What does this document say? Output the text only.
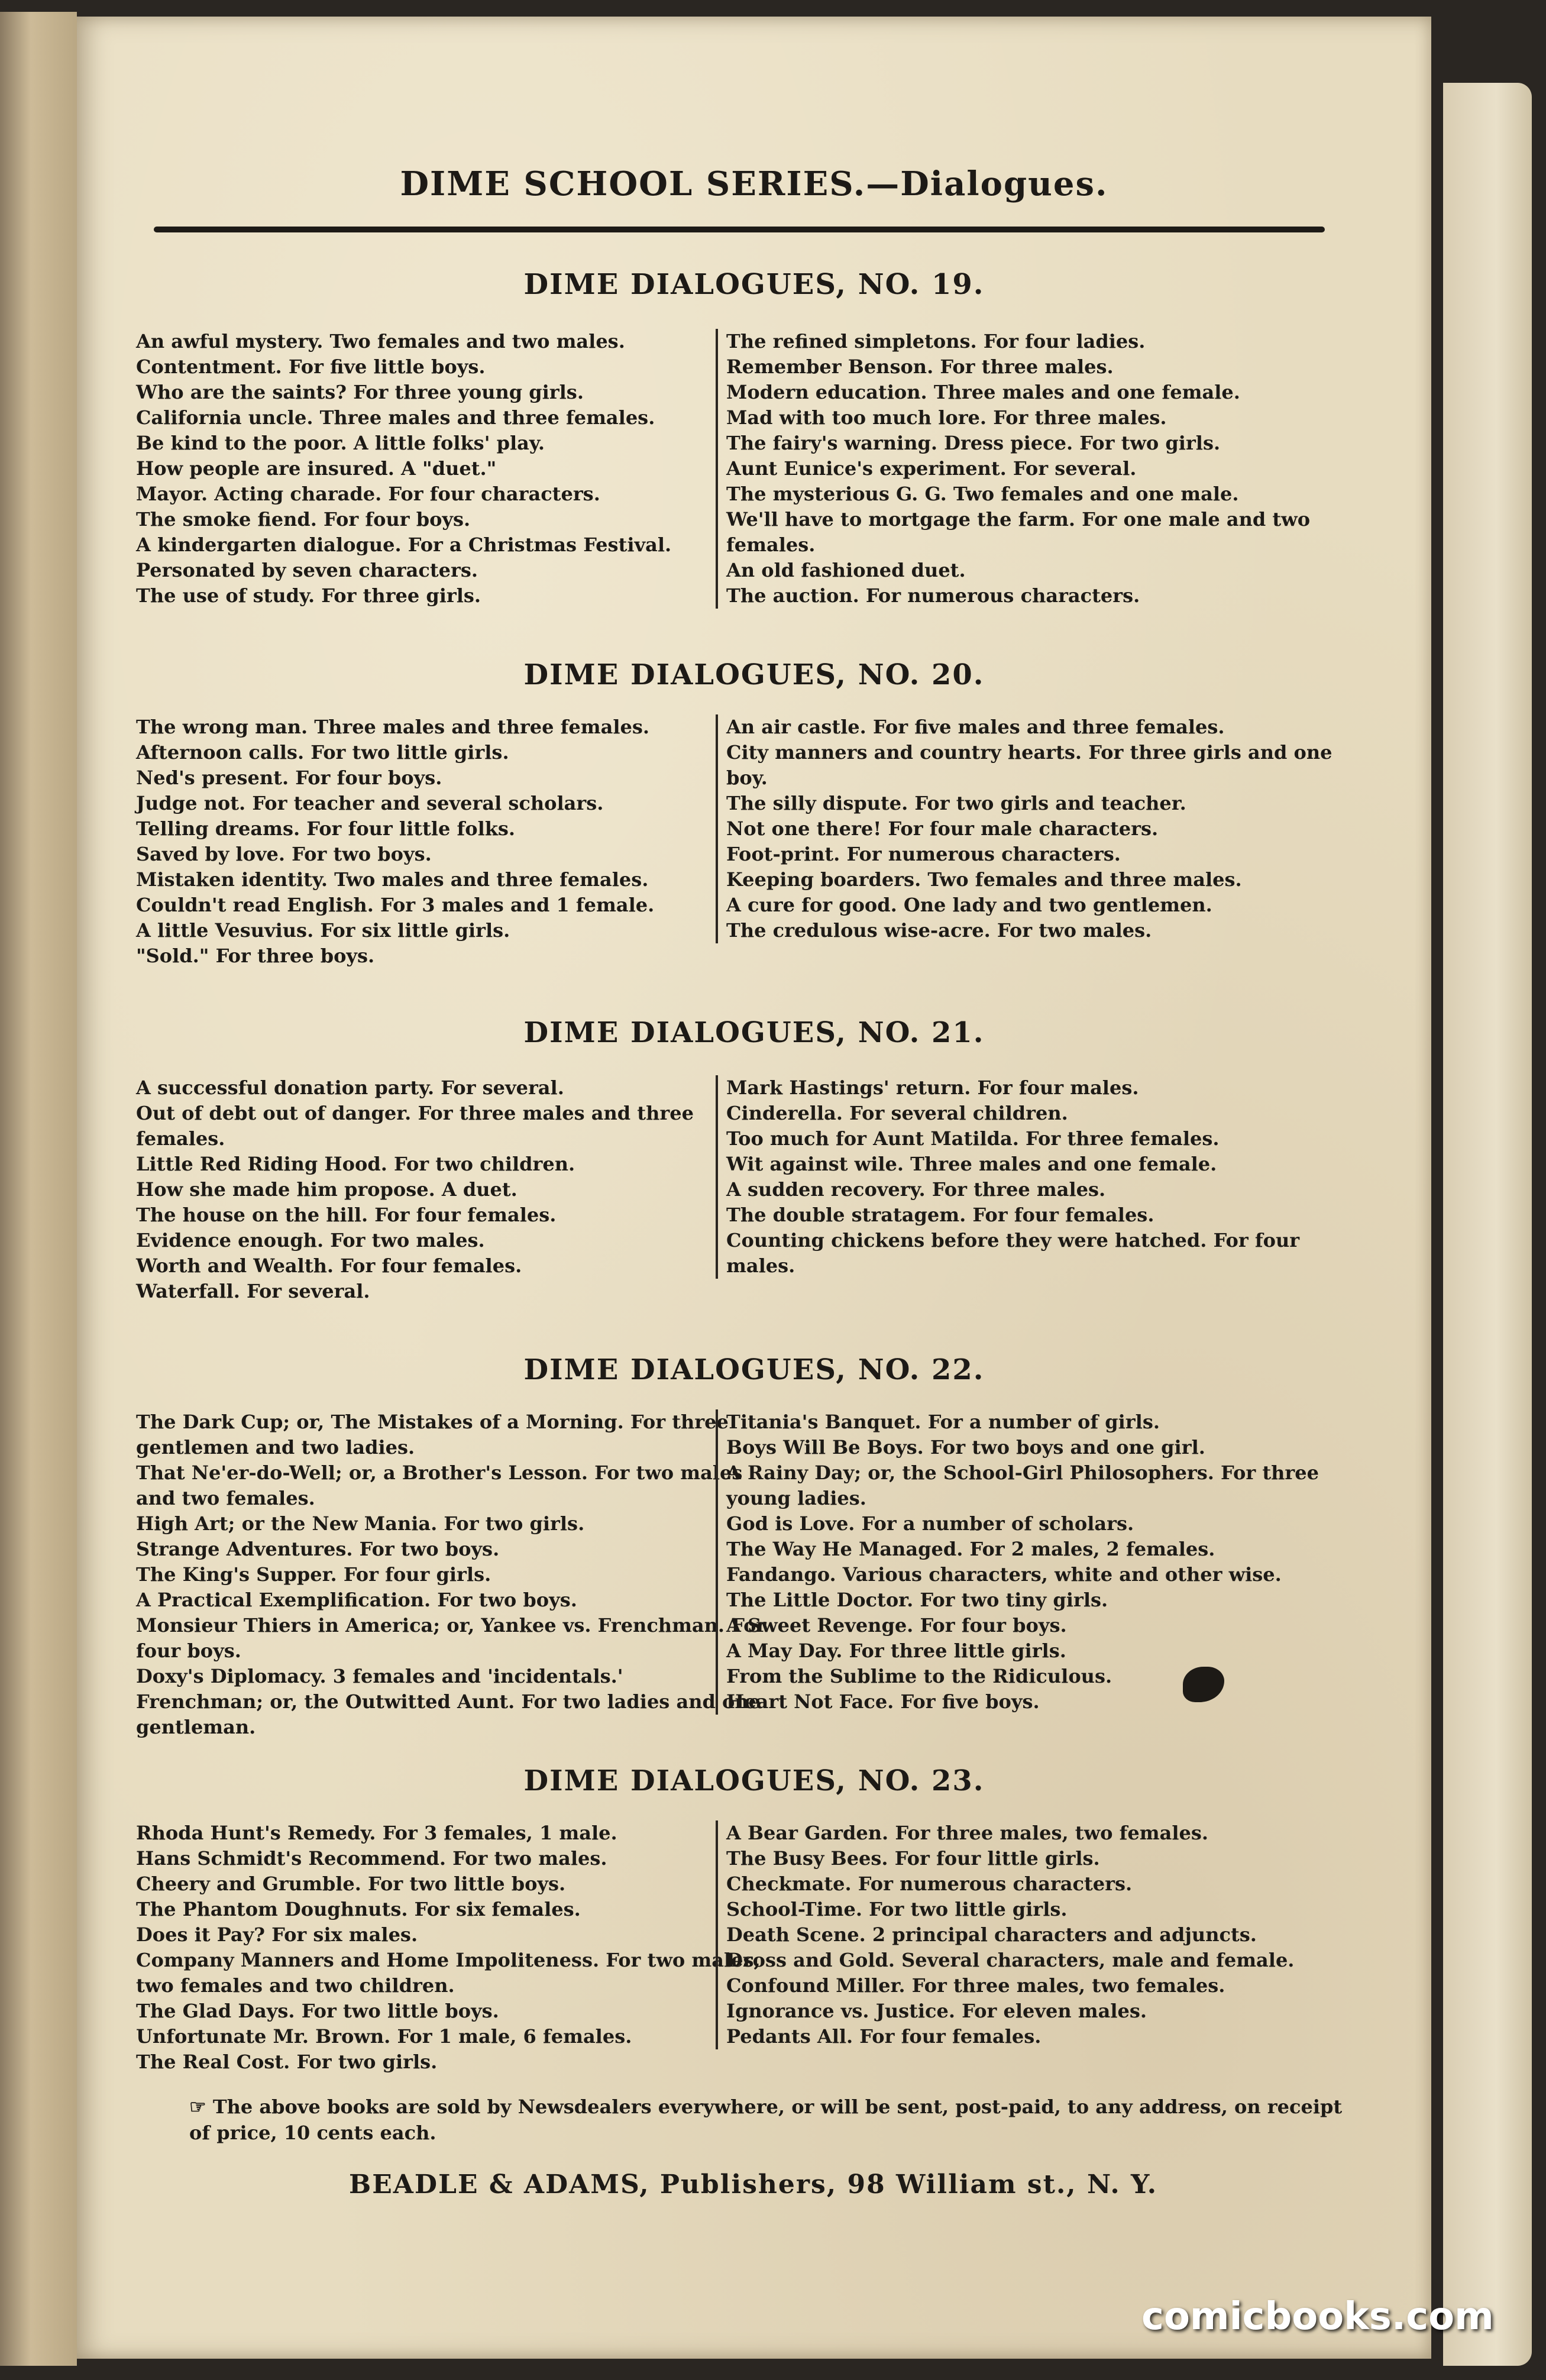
DIME SCHOOL SERIES.—Dialogues.
DIME DIALOGUES, NO. 19.

An awful mystery. Two females and two males.

Contentment. For five little boys.

Who are the saints? For three young girls.

California uncle. Three males and three females.

Be kind to the poor. A little folks' play.

How people are insured. A "duet."

Mayor. Acting charade. For four characters.

The smoke fiend. For four boys.

A kindergarten dialogue. For a Christmas Festival. Personated by seven characters.

The use of study. For three girls.

The refined simpletons. For four ladies.

Remember Benson. For three males.

Modern education. Three males and one female.

Mad with too much lore. For three males.

The fairy's warning. Dress piece. For two girls.

Aunt Eunice's experiment. For several.

The mysterious G. G. Two females and one male.

We'll have to mortgage the farm. For one male and two females.

An old fashioned duet.

The auction. For numerous characters.

DIME DIALOGUES, NO. 20.

The wrong man. Three males and three females.

Afternoon calls. For two little girls.

Ned's present. For four boys.

Judge not. For teacher and several scholars.

Telling dreams. For four little folks.

Saved by love. For two boys.

Mistaken identity. Two males and three females.

Couldn't read English. For 3 males and 1 female.

A little Vesuvius. For six little girls.

"Sold." For three boys.

An air castle. For five males and three females.

City manners and country hearts. For three girls and one boy.

The silly dispute. For two girls and teacher.

Not one there! For four male characters.

Foot-print. For numerous characters.

Keeping boarders. Two females and three males.

A cure for good. One lady and two gentlemen.

The credulous wise-acre. For two males.

DIME DIALOGUES, NO. 21.

A successful donation party. For several.

Out of debt out of danger. For three males and three females.

Little Red Riding Hood. For two children.

How she made him propose. A duet.

The house on the hill. For four females.

Evidence enough. For two males.

Worth and Wealth. For four females.

Waterfall. For several.

Mark Hastings' return. For four males.

Cinderella. For several children.

Too much for Aunt Matilda. For three females.

Wit against wile. Three males and one female.

A sudden recovery. For three males.

The double stratagem. For four females.

Counting chickens before they were hatched. For four males.

DIME DIALOGUES, NO. 22.

The Dark Cup; or, The Mistakes of a Morning. For three gentlemen and two ladies.

That Ne'er-do-Well; or, a Brother's Lesson. For two males and two females.

High Art; or the New Mania. For two girls.

Strange Adventures. For two boys.

The King's Supper. For four girls.

A Practical Exemplification. For two boys.

Monsieur Thiers in America; or, Yankee vs. Frenchman. For four boys.

Doxy's Diplomacy. 3 females and 'incidentals.'

Frenchman; or, the Outwitted Aunt. For two ladies and one gentleman.

Titania's Banquet. For a number of girls.

Boys Will Be Boys. For two boys and one girl.

A Rainy Day; or, the School-Girl Philosophers. For three young ladies.

God is Love. For a number of scholars.

The Way He Managed. For 2 males, 2 females.

Fandango. Various characters, white and other wise.

The Little Doctor. For two tiny girls.

A Sweet Revenge. For four boys.

A May Day. For three little girls.

From the Sublime to the Ridiculous.

Heart Not Face. For five boys.

DIME DIALOGUES, NO. 23.

Rhoda Hunt's Remedy. For 3 females, 1 male.

Hans Schmidt's Recommend. For two males.

Cheery and Grumble. For two little boys.

The Phantom Doughnuts. For six females.

Does it Pay? For six males.

Company Manners and Home Impoliteness. For two males, two females and two children.

The Glad Days. For two little boys.

Unfortunate Mr. Brown. For 1 male, 6 females.

The Real Cost. For two girls.

A Bear Garden. For three males, two females.

The Busy Bees. For four little girls.

Checkmate. For numerous characters.

School-Time. For two little girls.

Death Scene. 2 principal characters and adjuncts.

Dross and Gold. Several characters, male and female.

Confound Miller. For three males, two females.

Ignorance vs. Justice. For eleven males.

Pedants All. For four females.

☞ The above books are sold by Newsdealers everywhere, or will be sent, post-paid, to any address, on receipt of price, 10 cents each.
BEADLE & ADAMS, Publishers, 98 William st., N. Y.
comicbooks.com
